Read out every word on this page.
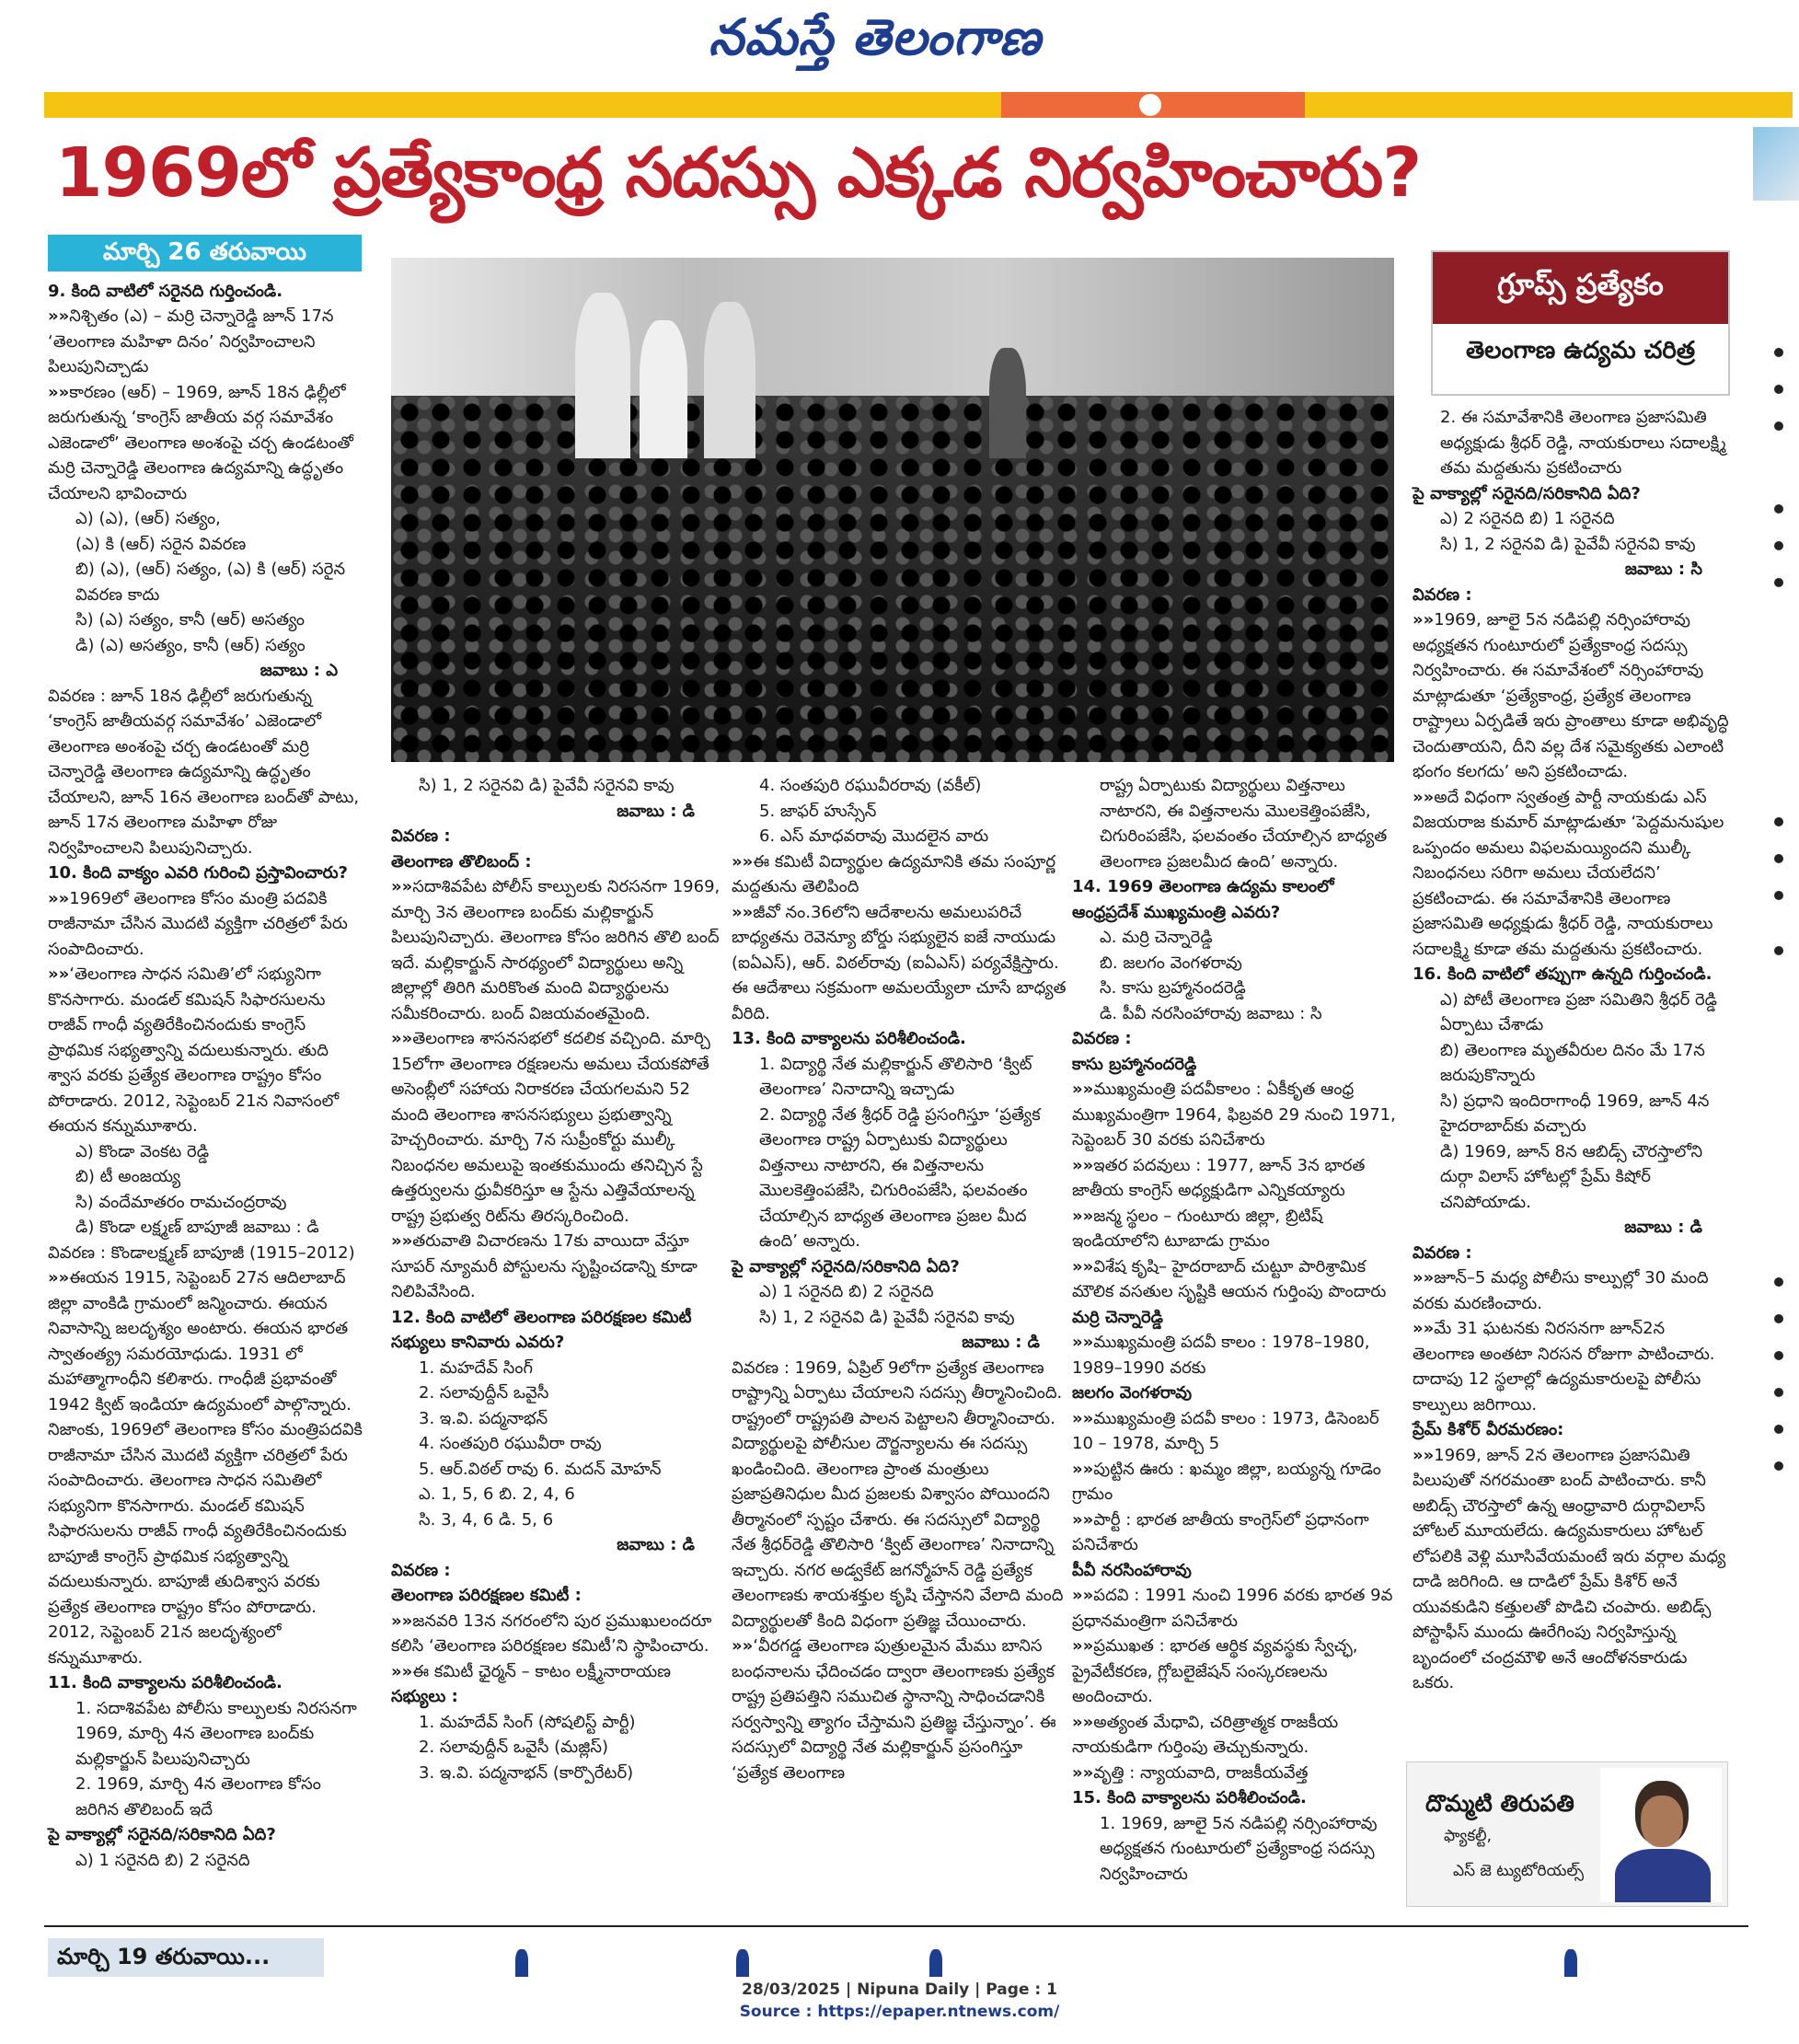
నమస్తే తెలంగాణ
1969లో ప్రత్యేకాంధ్ర సదస్సు ఎక్కడ నిర్వహించారు?
మార్చి 26 తరువాయి

9. కింది వాటిలో సరైనది గుర్తించండి.

»» నిశ్చితం (ఎ) – మర్రి చెన్నారెడ్డి జూన్ 17న ‘తెలంగాణ మహిళా దినం’ నిర్వహించాలని పిలుపునిచ్చాడు

»» కారణం (ఆర్) – 1969, జూన్ 18న ఢిల్లీలో జరుగుతున్న ‘కాంగ్రెస్ జాతీయ వర్గ సమావేశం ఎజెండాలో’ తెలంగాణ అంశంపై చర్చ ఉండటంతో మర్రి చెన్నారెడ్డి తెలంగాణ ఉద్యమాన్ని ఉద్ధృతం చేయాలని భావించారు

ఎ) (ఎ), (ఆర్) సత్యం,

(ఎ) కి (ఆర్) సరైన వివరణ

బి) (ఎ), (ఆర్) సత్యం, (ఎ) కి (ఆర్) సరైన వివరణ కాదు

సి) (ఎ) సత్యం, కానీ (ఆర్) అసత్యం

డి) (ఎ) అసత్యం, కానీ (ఆర్) సత్యం

జవాబు : ఎ

వివరణ : జూన్ 18న ఢిల్లీలో జరుగుతున్న ‘కాంగ్రెస్ జాతీయవర్గ సమావేశం’ ఎజెండాలో తెలంగాణ అంశంపై చర్చ ఉండటంతో మర్రి చెన్నారెడ్డి తెలంగాణ ఉద్యమాన్ని ఉద్ధృతం చేయాలని, జూన్ 16న తెలంగాణ బంద్‌తో పాటు, జూన్ 17న తెలంగాణ మహిళా రోజు నిర్వహించాలని పిలుపునిచ్చారు.

10. కింది వాక్యం ఎవరి గురించి ప్రస్తావించారు?

»» 1969లో తెలంగాణ కోసం మంత్రి పదవికి రాజీనామా చేసిన మొదటి వ్యక్తిగా చరిత్రలో పేరు సంపాదించారు.

»» ‘తెలంగాణ సాధన సమితి’లో సభ్యునిగా కొనసాగారు. మండల్ కమిషన్ సిఫారసులను రాజీవ్ గాంధీ వ్యతిరేకించినందుకు కాంగ్రెస్ ప్రాథమిక సభ్యత్వాన్ని వదులుకున్నారు. తుది శ్వాస వరకు ప్రత్యేక తెలంగాణ రాష్ట్రం కోసం పోరాడారు. 2012, సెప్టెంబర్ 21న నివాసంలో ఈయన కన్నుమూశారు.

ఎ) కొండా వెంకట రెడ్డి

బి) టీ అంజయ్య

సి) వందేమాతరం రామచంద్రరావు

డి) కొండా లక్ష్మణ్ బాపూజీ జవాబు : డి

వివరణ : కొండాలక్ష్మణ్ బాపూజీ (1915–2012)

»» ఈయన 1915, సెప్టెంబర్ 27న ఆదిలాబాద్ జిల్లా వాంకిడి గ్రామంలో జన్మించారు. ఈయన నివాసాన్ని జలదృశ్యం అంటారు. ఈయన భారత స్వాతంత్య్ర సమరయోధుడు. 1931 లో మహాత్మాగాంధీని కలిశారు. గాంధీజీ ప్రభావంతో 1942 క్విట్ ఇండియా ఉద్యమంలో పాల్గొన్నారు. నిజాంకు, 1969లో తెలంగాణ కోసం మంత్రిపదవికి రాజీనామా చేసిన మొదటి వ్యక్తిగా చరిత్రలో పేరు సంపాదించారు. తెలంగాణ సాధన సమితిలో సభ్యునిగా కొనసాగారు. మండల్ కమిషన్ సిఫారసులను రాజీవ్ గాంధీ వ్యతిరేకించినందుకు బాపూజీ కాంగ్రెస్ ప్రాథమిక సభ్యత్వాన్ని వదులుకున్నారు. బాపూజీ తుదిశ్వాస వరకు ప్రత్యేక తెలంగాణ రాష్ట్రం కోసం పోరాడారు. 2012, సెప్టెంబర్ 21న జలదృశ్యంలో కన్నుమూశారు.

11. కింది వాక్యాలను పరిశీలించండి.

1. సదాశివపేట పోలీసు కాల్పులకు నిరసనగా 1969, మార్చి 4న తెలంగాణ బంద్‌కు మల్లికార్జున్ పిలుపునిచ్చారు

2. 1969, మార్చి 4న తెలంగాణ కోసం జరిగిన తొలిబంద్ ఇదే

పై వాక్యాల్లో సరైనది/సరికానిది ఏది?

ఎ) 1 సరైనది బి) 2 సరైనది

సి) 1, 2 సరైనవి డి) పైవేవీ సరైనవి కావు

జవాబు : డి

వివరణ :

తెలంగాణ తొలిబంద్ :

»» సదాశివపేట పోలీస్ కాల్పులకు నిరసనగా 1969, మార్చి 3న తెలంగాణ బంద్‌కు మల్లికార్జున్ పిలుపునిచ్చారు. తెలంగాణ కోసం జరిగిన తొలి బంద్ ఇదే. మల్లికార్జున్ సారథ్యంలో విద్యార్థులు అన్ని జిల్లాల్లో తిరిగి మరికొంత మంది విద్యార్థులను సమీకరించారు. బంద్ విజయవంతమైంది.

»» తెలంగాణ శాసనసభలో కదలిక వచ్చింది. మార్చి 15లోగా తెలంగాణ రక్షణలను అమలు చేయకపోతే అసెంబ్లీలో సహాయ నిరాకరణ చేయగలమని 52 మంది తెలంగాణ శాసనసభ్యులు ప్రభుత్వాన్ని హెచ్చరించారు. మార్చి 7న సుప్రీంకోర్టు ముల్కీ నిబంధనల అమలుపై ఇంతకుముందు తనిచ్చిన స్టే ఉత్తర్వులను ధ్రువీకరిస్తూ ఆ స్టేను ఎత్తివేయాలన్న రాష్ట్ర ప్రభుత్వ రిట్‌ను తిరస్కరించింది.

»» తరువాతి విచారణను 17కు వాయిదా వేస్తూ సూపర్ న్యూమరీ పోస్టులను సృష్టించడాన్ని కూడా నిలిపివేసింది.

12. కింది వాటిలో తెలంగాణ పరిరక్షణల కమిటీ సభ్యులు కానివారు ఎవరు?

1. మహదేవ్ సింగ్

2. సలావుద్దీన్ ఒవైసీ

3. ఇ.వి. పద్మనాభన్

4. సంతపురి రఘువీరా రావు

5. ఆర్.విఠల్ రావు 6. మదన్ మోహన్

ఎ. 1, 5, 6 బి. 2, 4, 6

సి. 3, 4, 6 డి. 5, 6

జవాబు : డి

వివరణ :

తెలంగాణ పరిరక్షణల కమిటీ :

»» జనవరి 13న నగరంలోని పుర ప్రముఖులందరూ కలిసి ‘తెలంగాణ పరిరక్షణల కమిటీ’ని స్థాపించారు.

»» ఈ కమిటీ ఛైర్మన్ – కాటం లక్ష్మీనారాయణ

సభ్యులు :

1. మహదేవ్ సింగ్ (సోషలిస్ట్ పార్టీ)

2. సలావుద్దీన్ ఒవైసీ (మజ్లిస్)

3. ఇ.వి. పద్మనాభన్ (కార్పొరేటర్)

4. సంతపురి రఘువీరరావు (వకీల్)

5. జాఫర్ హుస్సేన్

6. ఎస్ మాధవరావు మొదలైన వారు

»» ఈ కమిటీ విద్యార్థుల ఉద్యమానికి తమ సంపూర్ణ మద్దతును తెలిపింది

»» జీవో నం.36లోని ఆదేశాలను అమలుపరిచే బాధ్యతను రెవెన్యూ బోర్డు సభ్యులైన ఐజే నాయుడు (ఐఏఎస్), ఆర్. విఠల్‌రావు (ఐఏఎస్) పర్యవేక్షిస్తారు. ఈ ఆదేశాలు సక్రమంగా అమలయ్యేలా చూసే బాధ్యత వీరిది.

13. కింది వాక్యాలను పరిశీలించండి.

1. విద్యార్థి నేత మల్లికార్జున్ తొలిసారి ‘క్విట్ తెలంగాణ’ నినాదాన్ని ఇచ్చాడు

2. విద్యార్థి నేత శ్రీధర్ రెడ్డి ప్రసంగిస్తూ ‘ప్రత్యేక తెలంగాణ రాష్ట్ర ఏర్పాటుకు విద్యార్థులు విత్తనాలు నాటారని, ఈ విత్తనాలను మొలకెత్తింపజేసి, చిగురింపజేసి, ఫలవంతం చేయాల్సిన బాధ్యత తెలంగాణ ప్రజల మీద ఉంది’ అన్నారు.

పై వాక్యాల్లో సరైనది/సరికానిది ఏది?

ఎ) 1 సరైనది బి) 2 సరైనది

సి) 1, 2 సరైనవి డి) పైవేవీ సరైనవి కావు

జవాబు : డి

వివరణ : 1969, ఏప్రిల్ 9లోగా ప్రత్యేక తెలంగాణ రాష్ట్రాన్ని ఏర్పాటు చేయాలని సదస్సు తీర్మానించింది. రాష్ట్రంలో రాష్ట్రపతి పాలన పెట్టాలని తీర్మానించారు. విద్యార్థులపై పోలీసుల దౌర్జన్యాలను ఈ సదస్సు ఖండించింది. తెలంగాణ ప్రాంత మంత్రులు ప్రజాప్రతినిధుల మీద ప్రజలకు విశ్వాసం పోయిందని తీర్మానంలో స్పష్టం చేశారు. ఈ సదస్సులో విద్యార్థి నేత శ్రీధర్‌రెడ్డి తొలిసారి ‘క్విట్ తెలంగాణ’ నినాదాన్ని ఇచ్చారు. నగర అడ్వకేట్ జగన్మోహన్ రెడ్డి ప్రత్యేక తెలంగాణకు శాయశక్తుల కృషి చేస్తానని వేలాది మంది విద్యార్థులతో కింది విధంగా ప్రతిజ్ఞ చేయించారు.

»» ‘వీరగడ్డ తెలంగాణ పుత్రులమైన మేము బానిస బంధనాలను ఛేదించడం ద్వారా తెలంగాణకు ప్రత్యేక రాష్ట్ర ప్రతిపత్తిని సముచిత స్థానాన్ని సాధించడానికి సర్వస్వాన్ని త్యాగం చేస్తామని ప్రతిజ్ఞ చేస్తున్నాం’. ఈ సదస్సులో విద్యార్థి నేత మల్లికార్జున్ ప్రసంగిస్తూ ‘ప్రత్యేక తెలంగాణ

రాష్ట్ర ఏర్పాటుకు విద్యార్థులు విత్తనాలు నాటారని, ఈ విత్తనాలను మొలకెత్తింపజేసి, చిగురింపజేసి, ఫలవంతం చేయాల్సిన బాధ్యత తెలంగాణ ప్రజలమీద ఉంది’ అన్నారు.

14. 1969 తెలంగాణ ఉద్యమ కాలంలో ఆంధ్రప్రదేశ్ ముఖ్యమంత్రి ఎవరు?

ఎ. మర్రి చెన్నారెడ్డి

బి. జలగం వెంగళరావు

సి. కాసు బ్రహ్మానందరెడ్డి

డి. పీవీ నరసింహారావు జవాబు : సి

వివరణ :

కాసు బ్రహ్మానందరెడ్డి

»» ముఖ్యమంత్రి పదవీకాలం : ఏకీకృత ఆంధ్ర ముఖ్యమంత్రిగా 1964, ఫిబ్రవరి 29 నుంచి 1971, సెప్టెంబర్ 30 వరకు పనిచేశారు

»» ఇతర పదవులు : 1977, జూన్ 3న భారత జాతీయ కాంగ్రెస్ అధ్యక్షుడిగా ఎన్నికయ్యారు

»» జన్మ స్థలం – గుంటూరు జిల్లా, బ్రిటిష్ ఇండియాలోని టూబాడు గ్రామం

»» విశేష కృషి– హైదరాబాద్ చుట్టూ పారిశ్రామిక మౌలిక వసతుల సృష్టికి ఆయన గుర్తింపు పొందారు

మర్రి చెన్నారెడ్డి

»» ముఖ్యమంత్రి పదవీ కాలం : 1978–1980, 1989–1990 వరకు

జలగం వెంగళరావు

»» ముఖ్యమంత్రి పదవీ కాలం : 1973, డిసెంబర్ 10 – 1978, మార్చి 5

»» పుట్టిన ఊరు : ఖమ్మం జిల్లా, బయ్యన్న గూడెం గ్రామం

»» పార్టీ : భారత జాతీయ కాంగ్రెస్‌లో ప్రధానంగా పనిచేశారు

పీవీ నరసింహారావు

»» పదవి : 1991 నుంచి 1996 వరకు భారత 9వ ప్రధానమంత్రిగా పనిచేశారు

»» ప్రముఖత : భారత ఆర్థిక వ్యవస్థకు స్వేచ్ఛ, ప్రైవేటీకరణ, గ్లోబలైజేషన్ సంస్కరణలను అందించారు.

»» అత్యంత మేధావి, చరిత్రాత్మక రాజకీయ నాయకుడిగా గుర్తింపు తెచ్చుకున్నారు.

»» వృత్తి : న్యాయవాది, రాజకీయవేత్త

15. కింది వాక్యాలను పరిశీలించండి.

1. 1969, జూలై 5న నడిపల్లి నర్సింహారావు అధ్యక్షతన గుంటూరులో ప్రత్యేకాంధ్ర సదస్సు నిర్వహించారు

గ్రూప్స్ ప్రత్యేకం
తెలంగాణ ఉద్యమ చరిత్ర

2. ఈ సమావేశానికి తెలంగాణ ప్రజాసమితి అధ్యక్షుడు శ్రీధర్ రెడ్డి, నాయకురాలు సదాలక్ష్మి తమ మద్దతును ప్రకటించారు

పై వాక్యాల్లో సరైనది/సరికానిది ఏది?

ఎ) 2 సరైనది బి) 1 సరైనది

సి) 1, 2 సరైనవి డి) పైవేవీ సరైనవి కావు

జవాబు : సి

వివరణ :

»» 1969, జూలై 5న నడిపల్లి నర్సింహారావు అధ్యక్షతన గుంటూరులో ప్రత్యేకాంధ్ర సదస్సు నిర్వహించారు. ఈ సమావేశంలో నర్సింహారావు మాట్లాడుతూ ‘ప్రత్యేకాంధ్ర, ప్రత్యేక తెలంగాణ రాష్ట్రాలు ఏర్పడితే ఇరు ప్రాంతాలు కూడా అభివృద్ధి చెందుతాయని, దీని వల్ల దేశ సమైక్యతకు ఎలాంటి భంగం కలగదు’ అని ప్రకటించాడు.

»» అదే విధంగా స్వతంత్ర పార్టీ నాయకుడు ఎస్ విజయరాజ కుమార్ మాట్లాడుతూ ‘పెద్దమనుషుల ఒప్పందం అమలు విఫలమయ్యిందని ముల్కీ నిబంధనలు సరిగా అమలు చేయలేదని’ ప్రకటించాడు. ఈ సమావేశానికి తెలంగాణ ప్రజాసమితి అధ్యక్షుడు శ్రీధర్ రెడ్డి, నాయకురాలు సదాలక్ష్మి కూడా తమ మద్దతును ప్రకటించారు.

16. కింది వాటిలో తప్పుగా ఉన్నది గుర్తించండి.

ఎ) పోటీ తెలంగాణ ప్రజా సమితిని శ్రీధర్ రెడ్డి ఏర్పాటు చేశాడు

బి) తెలంగాణ మృతవీరుల దినం మే 17న జరుపుకొన్నారు

సి) ప్రధాని ఇందిరాగాంధీ 1969, జూన్ 4న హైదరాబాద్‌కు వచ్చారు

డి) 1969, జూన్ 8న ఆబిడ్స్ చౌరస్తాలోని దుర్గా విలాస్ హోటల్లో ప్రేమ్ కిషోర్ చనిపోయాడు.

జవాబు : డి

వివరణ :

»» జూన్–5 మధ్య పోలీసు కాల్పుల్లో 30 మంది వరకు మరణించారు.

»» మే 31 ఘటనకు నిరసనగా జూన్2న తెలంగాణ అంతటా నిరసన రోజుగా పాటించారు. దాదాపు 12 స్థలాల్లో ఉద్యమకారులపై పోలీసు కాల్పులు జరిగాయి.

ప్రేమ్ కిశోర్ వీరమరణం:

»» 1969, జూన్ 2న తెలంగాణ ప్రజాసమితి పిలుపుతో నగరమంతా బంద్ పాటించారు. కానీ అబిడ్స్ చౌరస్తాలో ఉన్న ఆంధ్రావారి దుర్గావిలాస్ హోటల్ మూయలేదు. ఉద్యమకారులు హోటల్ లోపలికి వెళ్లి మూసివేయమంటే ఇరు వర్గాల మధ్య దాడి జరిగింది. ఆ దాడిలో ప్రేమ్ కిశోర్ అనే యువకుడిని కత్తులతో పొడిచి చంపారు. అబిడ్స్ పోస్టాఫీస్ ముందు ఊరేగింపు నిర్వహిస్తున్న బృందంలో చంద్రమౌళి అనే ఆందోళనకారుడు ఒకరు.

దొమ్మటి తిరుపతి
ఫ్యాకల్టీ,
ఎస్ జె ట్యుటోరియల్స్
మార్చి 19 తరువాయి...
28/03/2025 | Nipuna Daily | Page : 1
Source : https://epaper.ntnews.com/
